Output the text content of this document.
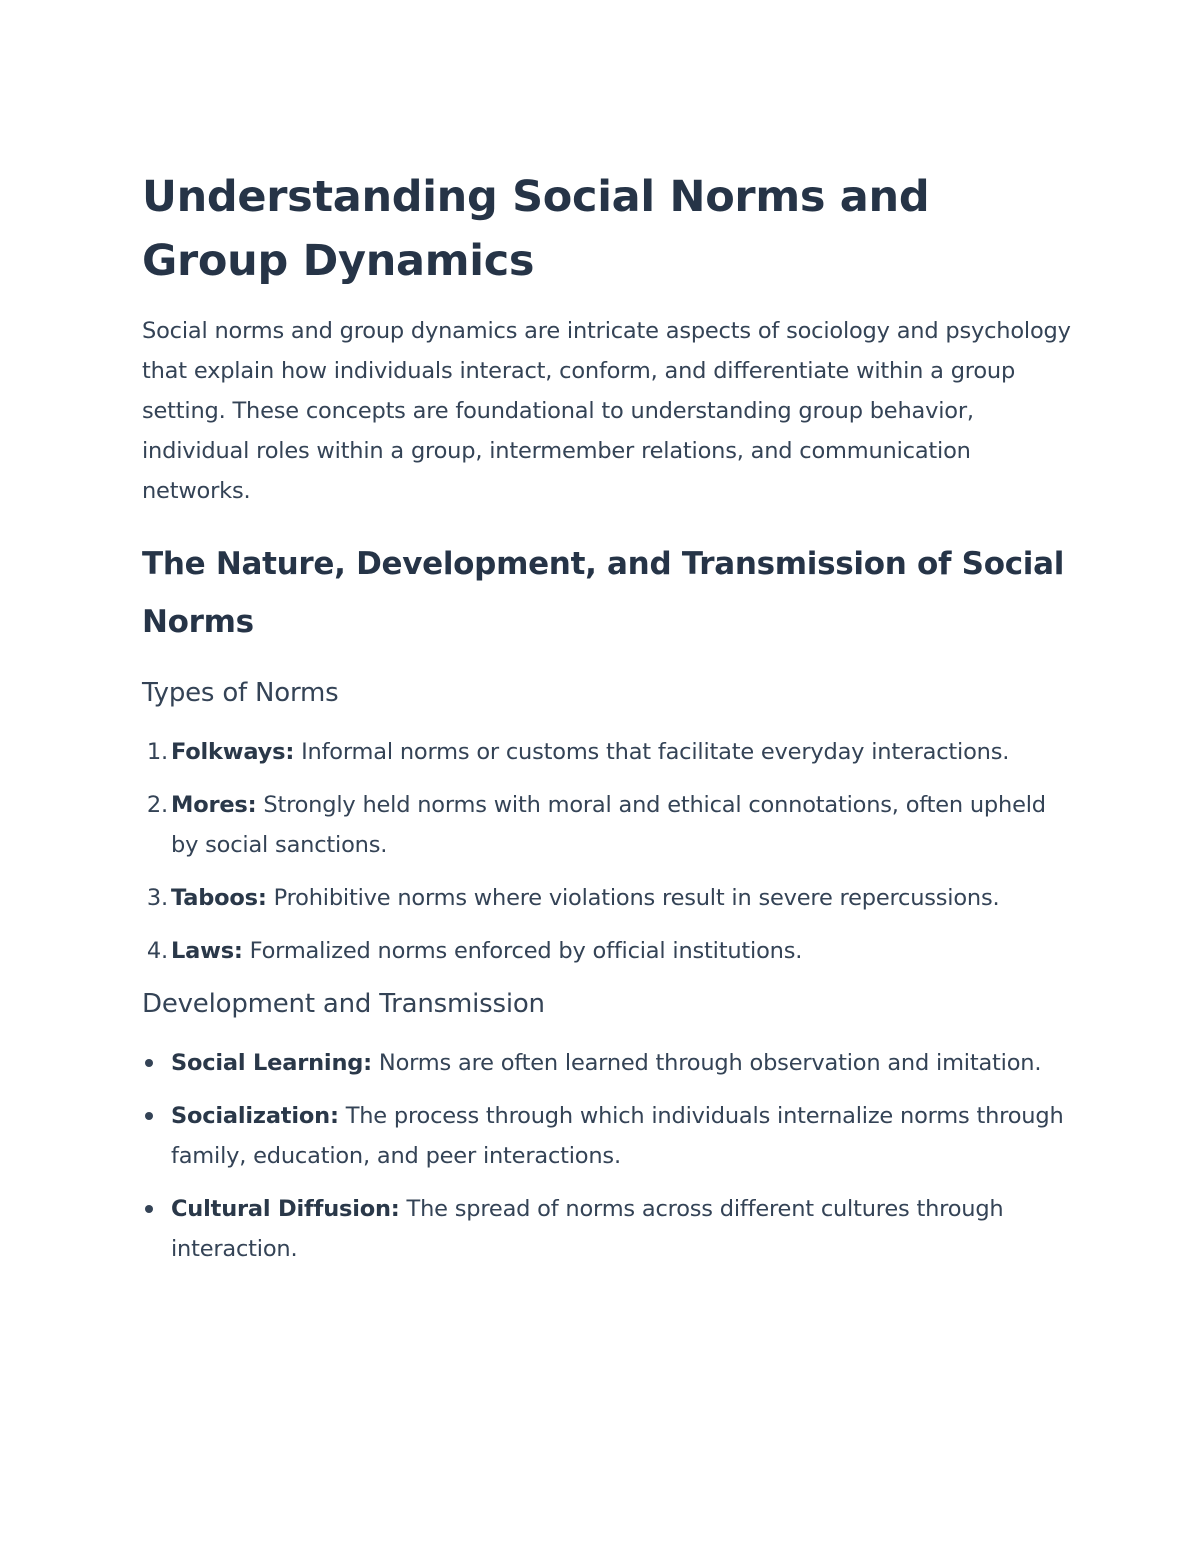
Understanding Social Norms and Group Dynamics

Social norms and group dynamics are intricate aspects of sociology and psychology that explain how individuals interact, conform, and differentiate within a group setting. These concepts are foundational to understanding group behavior, individual roles within a group, intermember relations, and communication networks.

The Nature, Development, and Transmission of Social Norms
Types of Norms
1. Folkways: Informal norms or customs that facilitate everyday interactions.
2. Mores: Strongly held norms with moral and ethical connotations, often upheld by social sanctions.
3. Taboos: Prohibitive norms where violations result in severe repercussions.
4. Laws: Formalized norms enforced by official institutions.
Development and Transmission
Social Learning: Norms are often learned through observation and imitation.
Socialization: The process through which individuals internalize norms through family, education, and peer interactions.
Cultural Diffusion: The spread of norms across different cultures through interaction.
